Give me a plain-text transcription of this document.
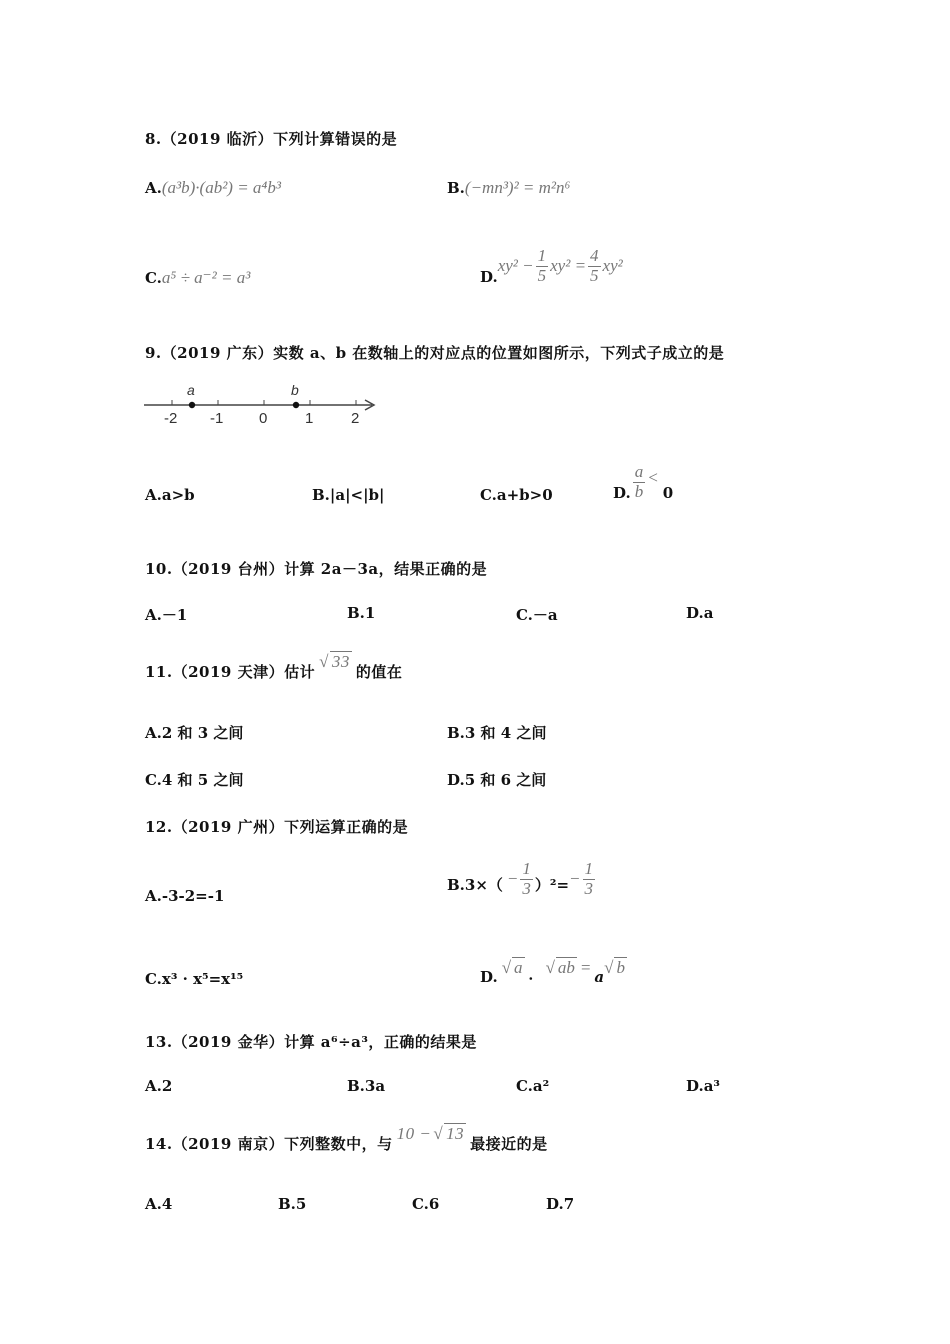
8.（2019 临沂）下列计算错误的是
A.(a³b)·(ab²) = a⁴b³	B.(−mn³)² = m²n⁶
C.a⁵ ÷ a⁻² = a³	D.
$xy^2 - \frac{1}{5} xy^2 = \frac{4}{5} xy^2$
9.（2019 广东）实数 a、b 在数轴上的对应点的位置如图所示，下列式子成立的是
a	b
-2 -1 0	1	2
A.a>b	B.|a|<|b|	C.a+b>0	D. $\frac{a}{b}$ <
0
10.（2019 台州）计算 2a－3a，结果正确的是
A.－1	B.1	C.－a	D.a
11.（2019 天津）估计
√ 33
的值在
A.2 和 3 之间	B.3 和 4 之间
C.4 和 5 之间	D.5 和 6 之间
12.（2019 广州）下列运算正确的是
A.-3-2=-1
$B.3\times( - \frac{1}{3} )^2= - \frac{1}{3}$
C.x³ · x⁵=x¹⁵	D. √ a ． √ ab = a √ b
13.（2019 金华）计算 a⁶÷a³，正确的结果是
A.2	B.3a	C.a²	D.a³
14.（2019 南京）下列整数中，与
10 − √ 13
最接近的是
A.4	B.5	C.6	D.7
